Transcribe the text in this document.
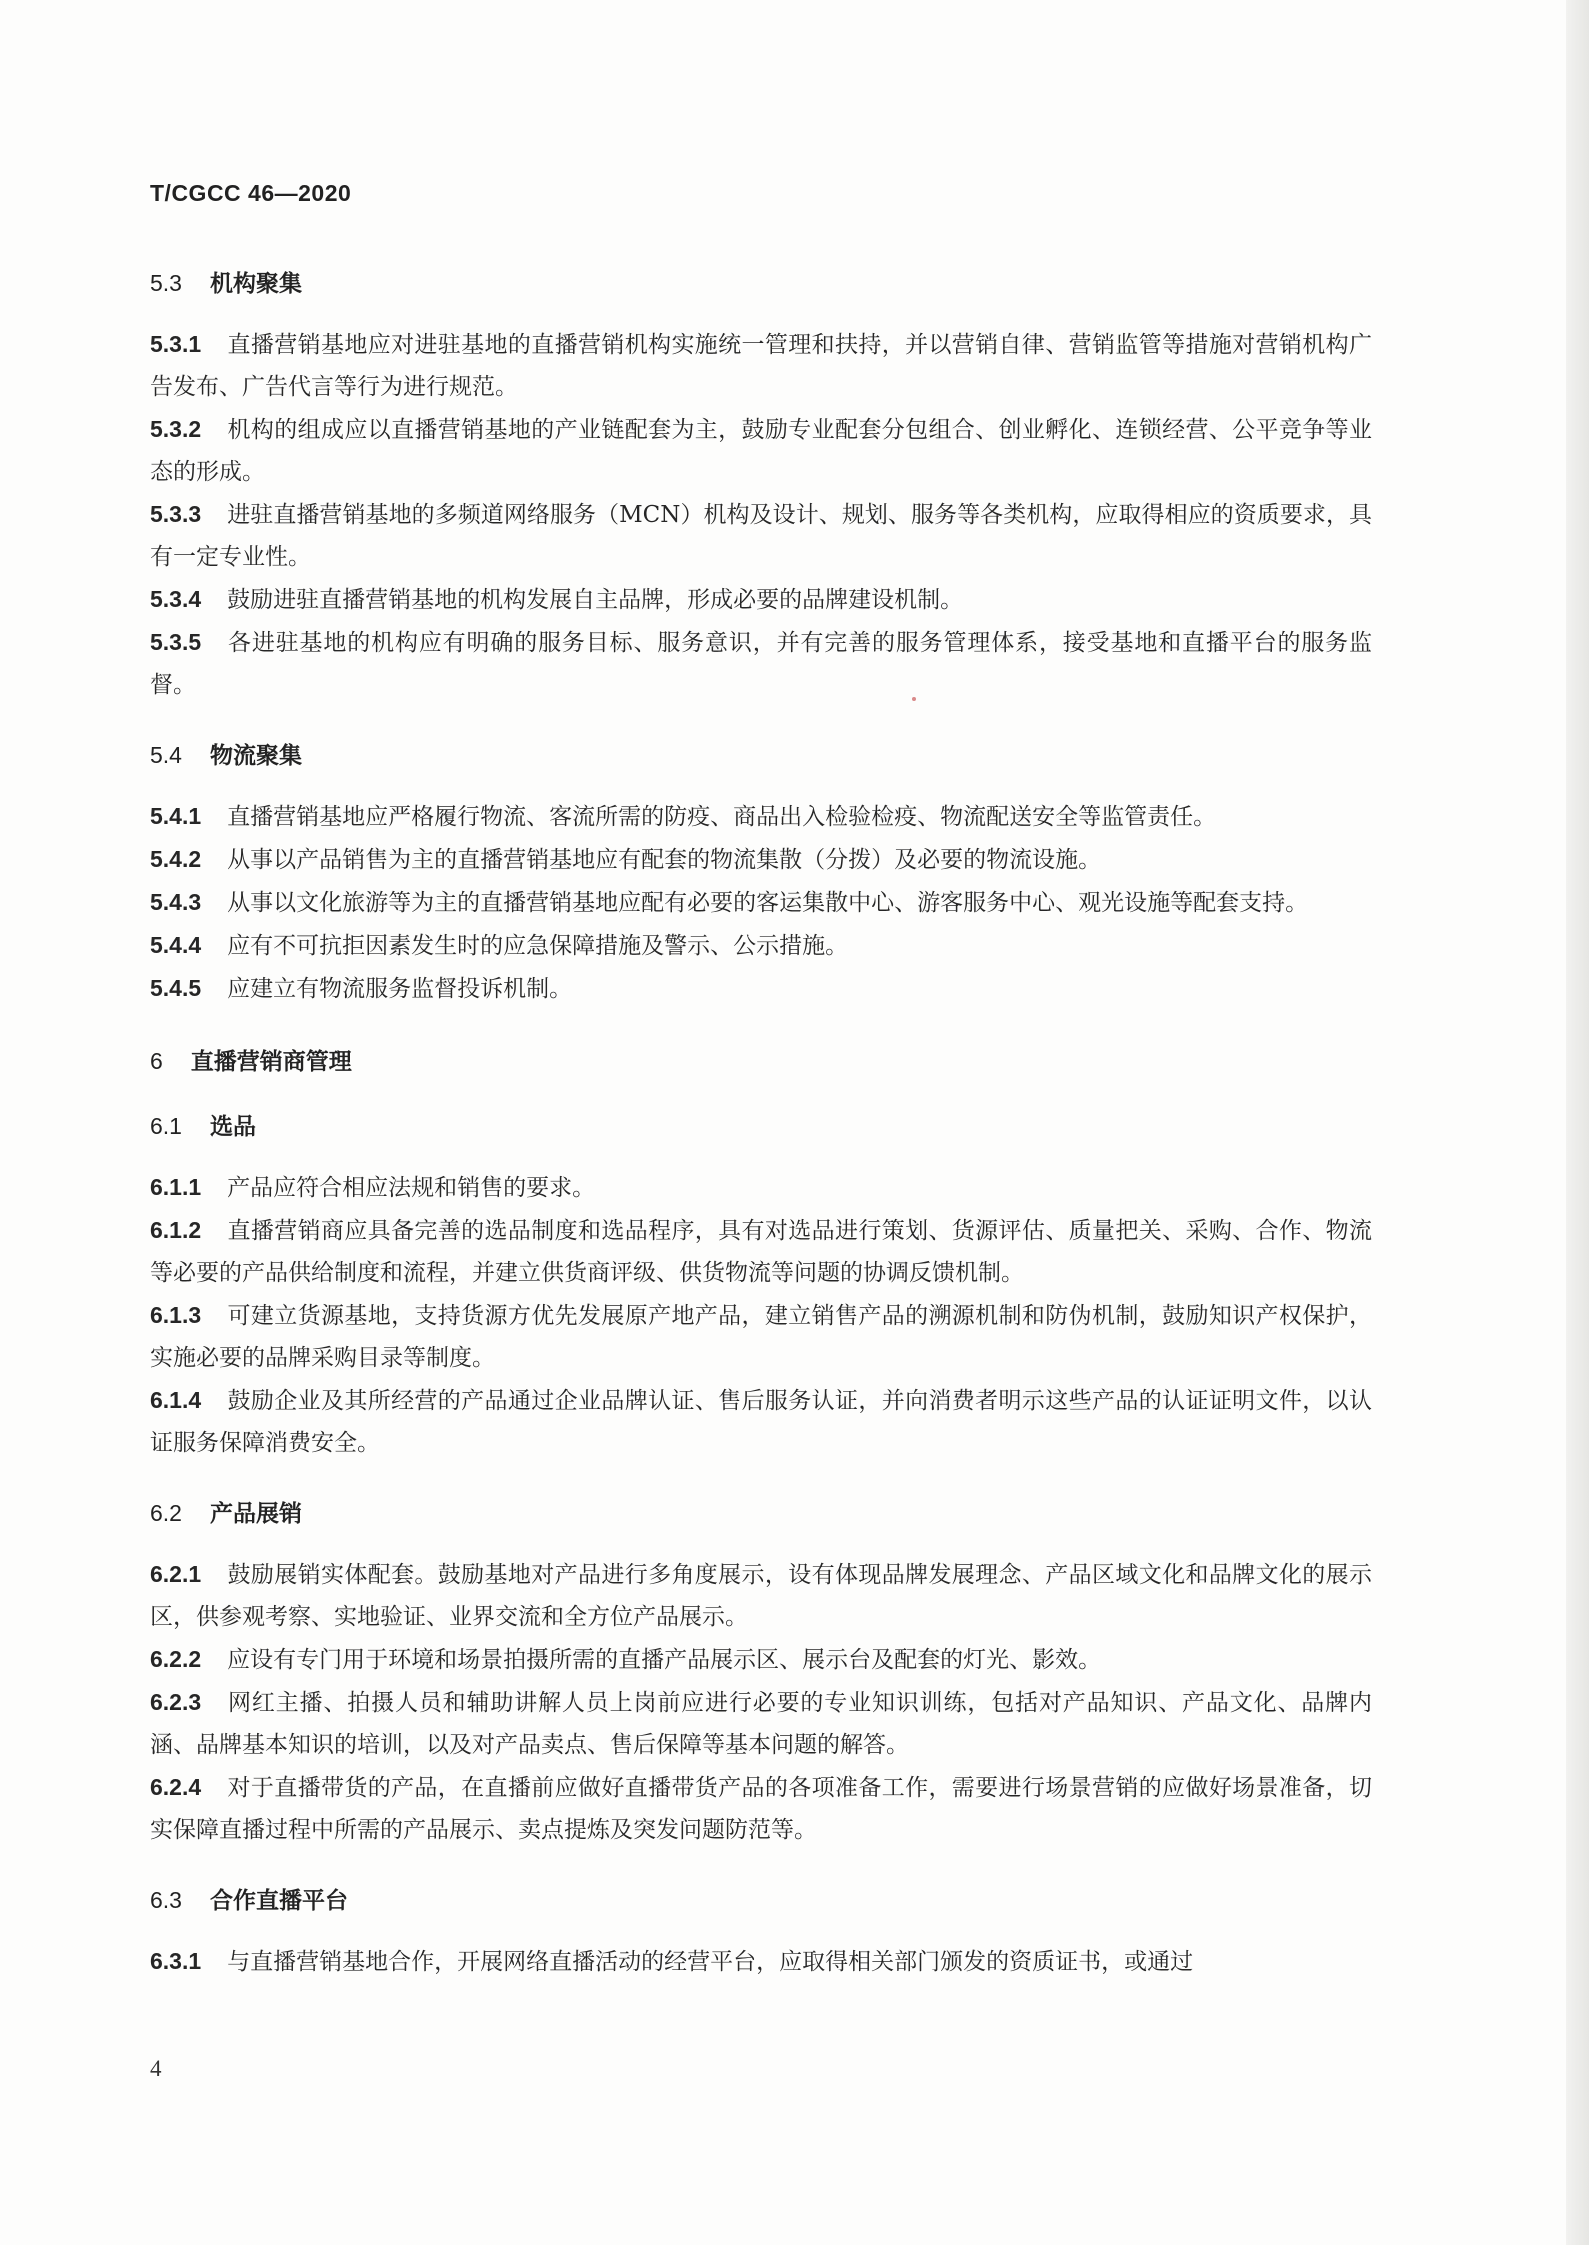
T/CGCC 46—2020
5.3 机构聚集
5.3.1 直播营销基地应对进驻基地的直播营销机构实施统一管理和扶持，并以营销自律、营销监管等措施对营销机构广告发布、广告代言等行为进行规范。
5.3.2 机构的组成应以直播营销基地的产业链配套为主，鼓励专业配套分包组合、创业孵化、连锁经营、公平竞争等业态的形成。
5.3.3 进驻直播营销基地的多频道网络服务（MCN）机构及设计、规划、服务等各类机构，应取得相应的资质要求，具有一定专业性。
5.3.4 鼓励进驻直播营销基地的机构发展自主品牌，形成必要的品牌建设机制。
5.3.5 各进驻基地的机构应有明确的服务目标、服务意识，并有完善的服务管理体系，接受基地和直播平台的服务监督。
5.4 物流聚集
5.4.1 直播营销基地应严格履行物流、客流所需的防疫、商品出入检验检疫、物流配送安全等监管责任。
5.4.2 从事以产品销售为主的直播营销基地应有配套的物流集散（分拨）及必要的物流设施。
5.4.3 从事以文化旅游等为主的直播营销基地应配有必要的客运集散中心、游客服务中心、观光设施等配套支持。
5.4.4 应有不可抗拒因素发生时的应急保障措施及警示、公示措施。
5.4.5 应建立有物流服务监督投诉机制。
6 直播营销商管理
6.1 选品
6.1.1 产品应符合相应法规和销售的要求。
6.1.2 直播营销商应具备完善的选品制度和选品程序，具有对选品进行策划、货源评估、质量把关、采购、合作、物流等必要的产品供给制度和流程，并建立供货商评级、供货物流等问题的协调反馈机制。
6.1.3 可建立货源基地，支持货源方优先发展原产地产品，建立销售产品的溯源机制和防伪机制，鼓励知识产权保护，实施必要的品牌采购目录等制度。
6.1.4 鼓励企业及其所经营的产品通过企业品牌认证、售后服务认证，并向消费者明示这些产品的认证证明文件，以认证服务保障消费安全。
6.2 产品展销
6.2.1 鼓励展销实体配套。鼓励基地对产品进行多角度展示，设有体现品牌发展理念、产品区域文化和品牌文化的展示区，供参观考察、实地验证、业界交流和全方位产品展示。
6.2.2 应设有专门用于环境和场景拍摄所需的直播产品展示区、展示台及配套的灯光、影效。
6.2.3 网红主播、拍摄人员和辅助讲解人员上岗前应进行必要的专业知识训练，包括对产品知识、产品文化、品牌内涵、品牌基本知识的培训，以及对产品卖点、售后保障等基本问题的解答。
6.2.4 对于直播带货的产品，在直播前应做好直播带货产品的各项准备工作，需要进行场景营销的应做好场景准备，切实保障直播过程中所需的产品展示、卖点提炼及突发问题防范等。
6.3 合作直播平台
6.3.1 与直播营销基地合作，开展网络直播活动的经营平台，应取得相关部门颁发的资质证书，或通过
4
